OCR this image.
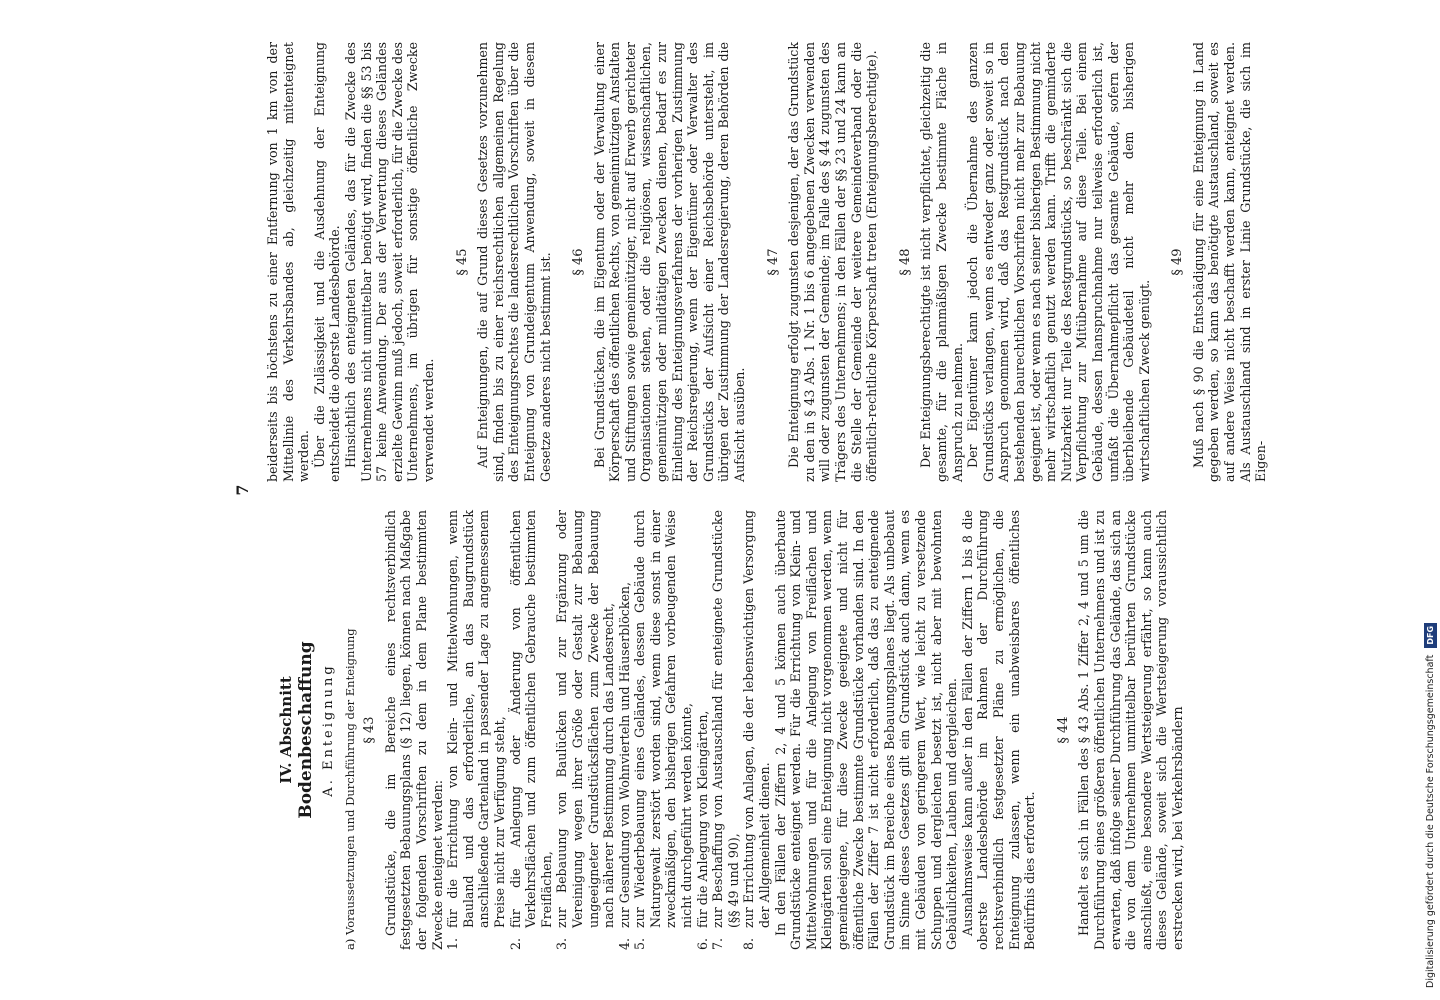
7
IV. Abschnitt Bodenbeschaffung A. Enteignung a) Voraussetzungen und Durchführung der Enteignung § 43 Grundstücke, die im Bereiche eines rechtsverbindlich festgesetzten Bebauungsplans (§ 12) liegen, können nach Maßgabe der folgenden Vorschriften zu dem in dem Plane bestimmten Zwecke enteignet werden: 1.
für die Errichtung von Klein- und Mittelwohnungen, wenn Bauland und das erforderliche, an das Baugrundstück anschließende Gartenland in passender Lage zu angemessenem Preise nicht zur Verfügung steht,
2.
für die Anlegung oder Änderung von öffentlichen Verkehrsflächen und zum öffentlichen Gebrauche bestimmten Freiflächen,
3.
zur Bebauung von Baulücken und zur Ergänzung oder Vereinigung wegen ihrer Größe oder Gestalt zur Bebauung ungeeigneter Grundstücksflächen zum Zwecke der Bebauung nach näherer Bestimmung durch das Landesrecht,
4.
zur Gesundung von Wohnvierteln und Häuserblöcken,
5.
zur Wiederbebauung eines Geländes, dessen Gebäude durch Naturgewalt zerstört worden sind, wenn diese sonst in einer zweckmäßigen, den bisherigen Gefahren vorbeugenden Weise nicht durchgeführt werden könnte,
6.
für die Anlegung von Kleingärten,
7.
zur Beschaffung von Austauschland für enteignete Grundstücke (§§ 49 und 90),
8.
zur Errichtung von Anlagen, die der lebenswichtigen Versorgung der Allgemeinheit dienen. In den Fällen der Ziffern 2, 4 und 5 können auch überbaute Grundstücke enteignet werden. Für die Errichtung von Klein- und Mittelwohnungen und für die Anlegung von Freiflächen und Kleingärten soll eine Enteignung nicht vorgenommen werden, wenn gemeindeeigene, für diese Zwecke geeignete und nicht für öffentliche Zwecke bestimmte Grundstücke vorhanden sind. In den Fällen der Ziffer 7 ist nicht erforderlich, daß das zu enteignende Grundstück im Bereiche eines Bebauungsplanes liegt. Als unbebaut im Sinne dieses Gesetzes gilt ein Grundstück auch dann, wenn es mit Gebäuden von geringerem Wert, wie leicht zu versetzende Schuppen und dergleichen besetzt ist, nicht aber mit bewohnten Gebäulichkeiten, Lauben und dergleichen. Ausnahmsweise kann außer in den Fällen der Ziffern 1 bis 8 die oberste Landesbehörde im Rahmen der Durchführung rechtsverbindlich festgesetzter Pläne zu ermöglichen, die Enteignung zulassen, wenn ein unabweisbares öffentliches Bedürfnis dies erfordert.

§ 44 Handelt es sich in Fällen des § 43 Abs. 1 Ziffer 2, 4 und 5 um die Durchführung eines größeren öffentlichen Unternehmens und ist zu erwarten, daß infolge seiner Durchführung das Gelände, das sich an die von dem Unternehmen unmittelbar berührten Grundstücke anschließt, eine besondere Wertsteigerung erfährt, so kann auch dieses Gelände, soweit sich die Wertsteigerung voraussichtlich erstrecken wird, bei Verkehrsbändern

beiderseits bis höchstens zu einer Entfernung von 1 km von der Mittellinie des Verkehrsbandes ab, gleichzeitig mitenteignet werden. Über die Zulässigkeit und die Ausdehnung der Enteignung entscheidet die oberste Landesbehörde. Hinsichtlich des enteigneten Geländes, das für die Zwecke des Unternehmens nicht unmittelbar benötigt wird, finden die §§ 53 bis 57 keine Anwendung. Der aus der Verwertung dieses Geländes erzielte Gewinn muß jedoch, soweit erforderlich, für die Zwecke des Unternehmens, im übrigen für sonstige öffentliche Zwecke verwendet werden.

§ 45 Auf Enteignungen, die auf Grund dieses Gesetzes vorzunehmen sind, finden bis zu einer reichsrechtlichen allgemeinen Regelung des Enteignungsrechtes die landesrechtlichen Vorschriften über die Enteignung von Grundeigentum Anwendung, soweit in diesem Gesetze anderes nicht bestimmt ist. § 46 Bei Grundstücken, die im Eigentum oder der Verwaltung einer Körperschaft des öffentlichen Rechts, von gemeinnützigen Anstalten und Stiftungen sowie gemeinnütziger, nicht auf Erwerb gerichteter Organisationen stehen, oder die religiösen, wissenschaftlichen, gemeinnützigen oder mildtätigen Zwecken dienen, bedarf es zur Einleitung des Enteignungsverfahrens der vorherigen Zustimmung der Reichsregierung, wenn der Eigentümer oder Verwalter des Grundstücks der Aufsicht einer Reichsbehörde untersteht, im übrigen der Zustimmung der Landesregierung, deren Behörden die Aufsicht ausüben.

§ 47 Die Enteignung erfolgt zugunsten desjenigen, der das Grundstück zu den in § 43 Abs. 1 Nr. 1 bis 6 angegebenen Zwecken verwenden will oder zugunsten der Gemeinde; im Falle des § 44 zugunsten des Trägers des Unternehmens; in den Fällen der §§ 23 und 24 kann an die Stelle der Gemeinde der weitere Gemeindeverband oder die öffentlich-rechtliche Körperschaft treten (Enteignungsberechtigte). § 48 Der Enteignungsberechtigte ist nicht verpflichtet, gleichzeitig die gesamte, für die planmäßigen Zwecke bestimmte Fläche in Anspruch zu nehmen. Der Eigentümer kann jedoch die Übernahme des ganzen Grundstücks verlangen, wenn es entweder ganz oder soweit so in Anspruch genommen wird, daß das Restgrundstück nach den bestehenden baurechtlichen Vorschriften nicht mehr zur Bebauung geeignet ist, oder wenn es nach seiner bisherigen Bestimmung nicht mehr wirtschaftlich genutzt werden kann. Trifft die geminderte Nutzbarkeit nur Teile des Restgrundstücks, so beschränkt sich die Verpflichtung zur Mitübernahme auf diese Teile. Bei einem Gebäude, dessen Inanspruchnahme nur teilweise erforderlich ist, umfaßt die Übernahmepflicht das gesamte Gebäude, sofern der überbleibende Gebäudeteil nicht mehr dem bisherigen wirtschaftlichen Zweck genügt.

§ 49 Muß nach § 90 die Entschädigung für eine Enteignung in Land gegeben werden, so kann das benötigte Austauschland, soweit es auf andere Weise nicht beschafft werden kann, enteignet werden. Als Austauschland sind in erster Linie Grundstücke, die sich im Eigen-

Digitalisierung gefördert durch die Deutsche Forschungsgemeinschaft DFG
